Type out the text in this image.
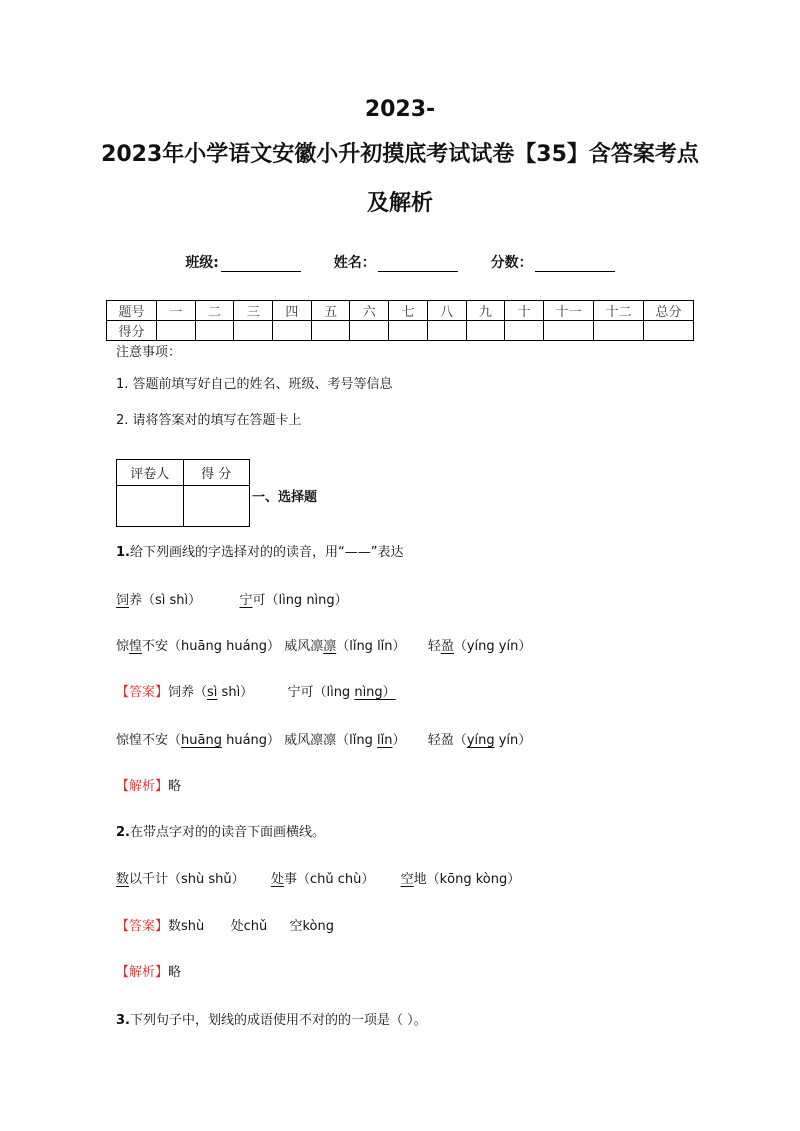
2023-
2023年小学语文安徽小升初摸底考试试卷【35】含答案考点
及解析
班级:	姓名：	分数：
题号	一	二	三	四	五	六	七	八	九	十	十一	十二	总分
得分													
注意事项：
1. 答题前填写好自己的姓名、班级、考号等信息
2. 请将答案对的填写在答题卡上
评卷人	得 分

一、选择题
1.给下列画线的字选择对的的读音，用“——”表达
饲养（sì shì）	宁可（lìng nìng）
惊惶不安（huāng huáng） 威风凛凛（lǐng lǐn） 轻盈（yíng yín）
【答案】饲养（sì shì）	宁可（lìng nìng）
惊惶不安（huāng huáng） 威风凛凛（lǐng lǐn） 轻盈（yíng yín）
【解析】略
2.在带点字对的的读音下面画横线。
数以千计（shù shǔ） 处事（chǔ chù） 空地（kōng kòng）
【答案】数shù 处chǔ 空kòng
【解析】略
3.下列句子中，划线的成语使用不对的的一项是（ ）。
